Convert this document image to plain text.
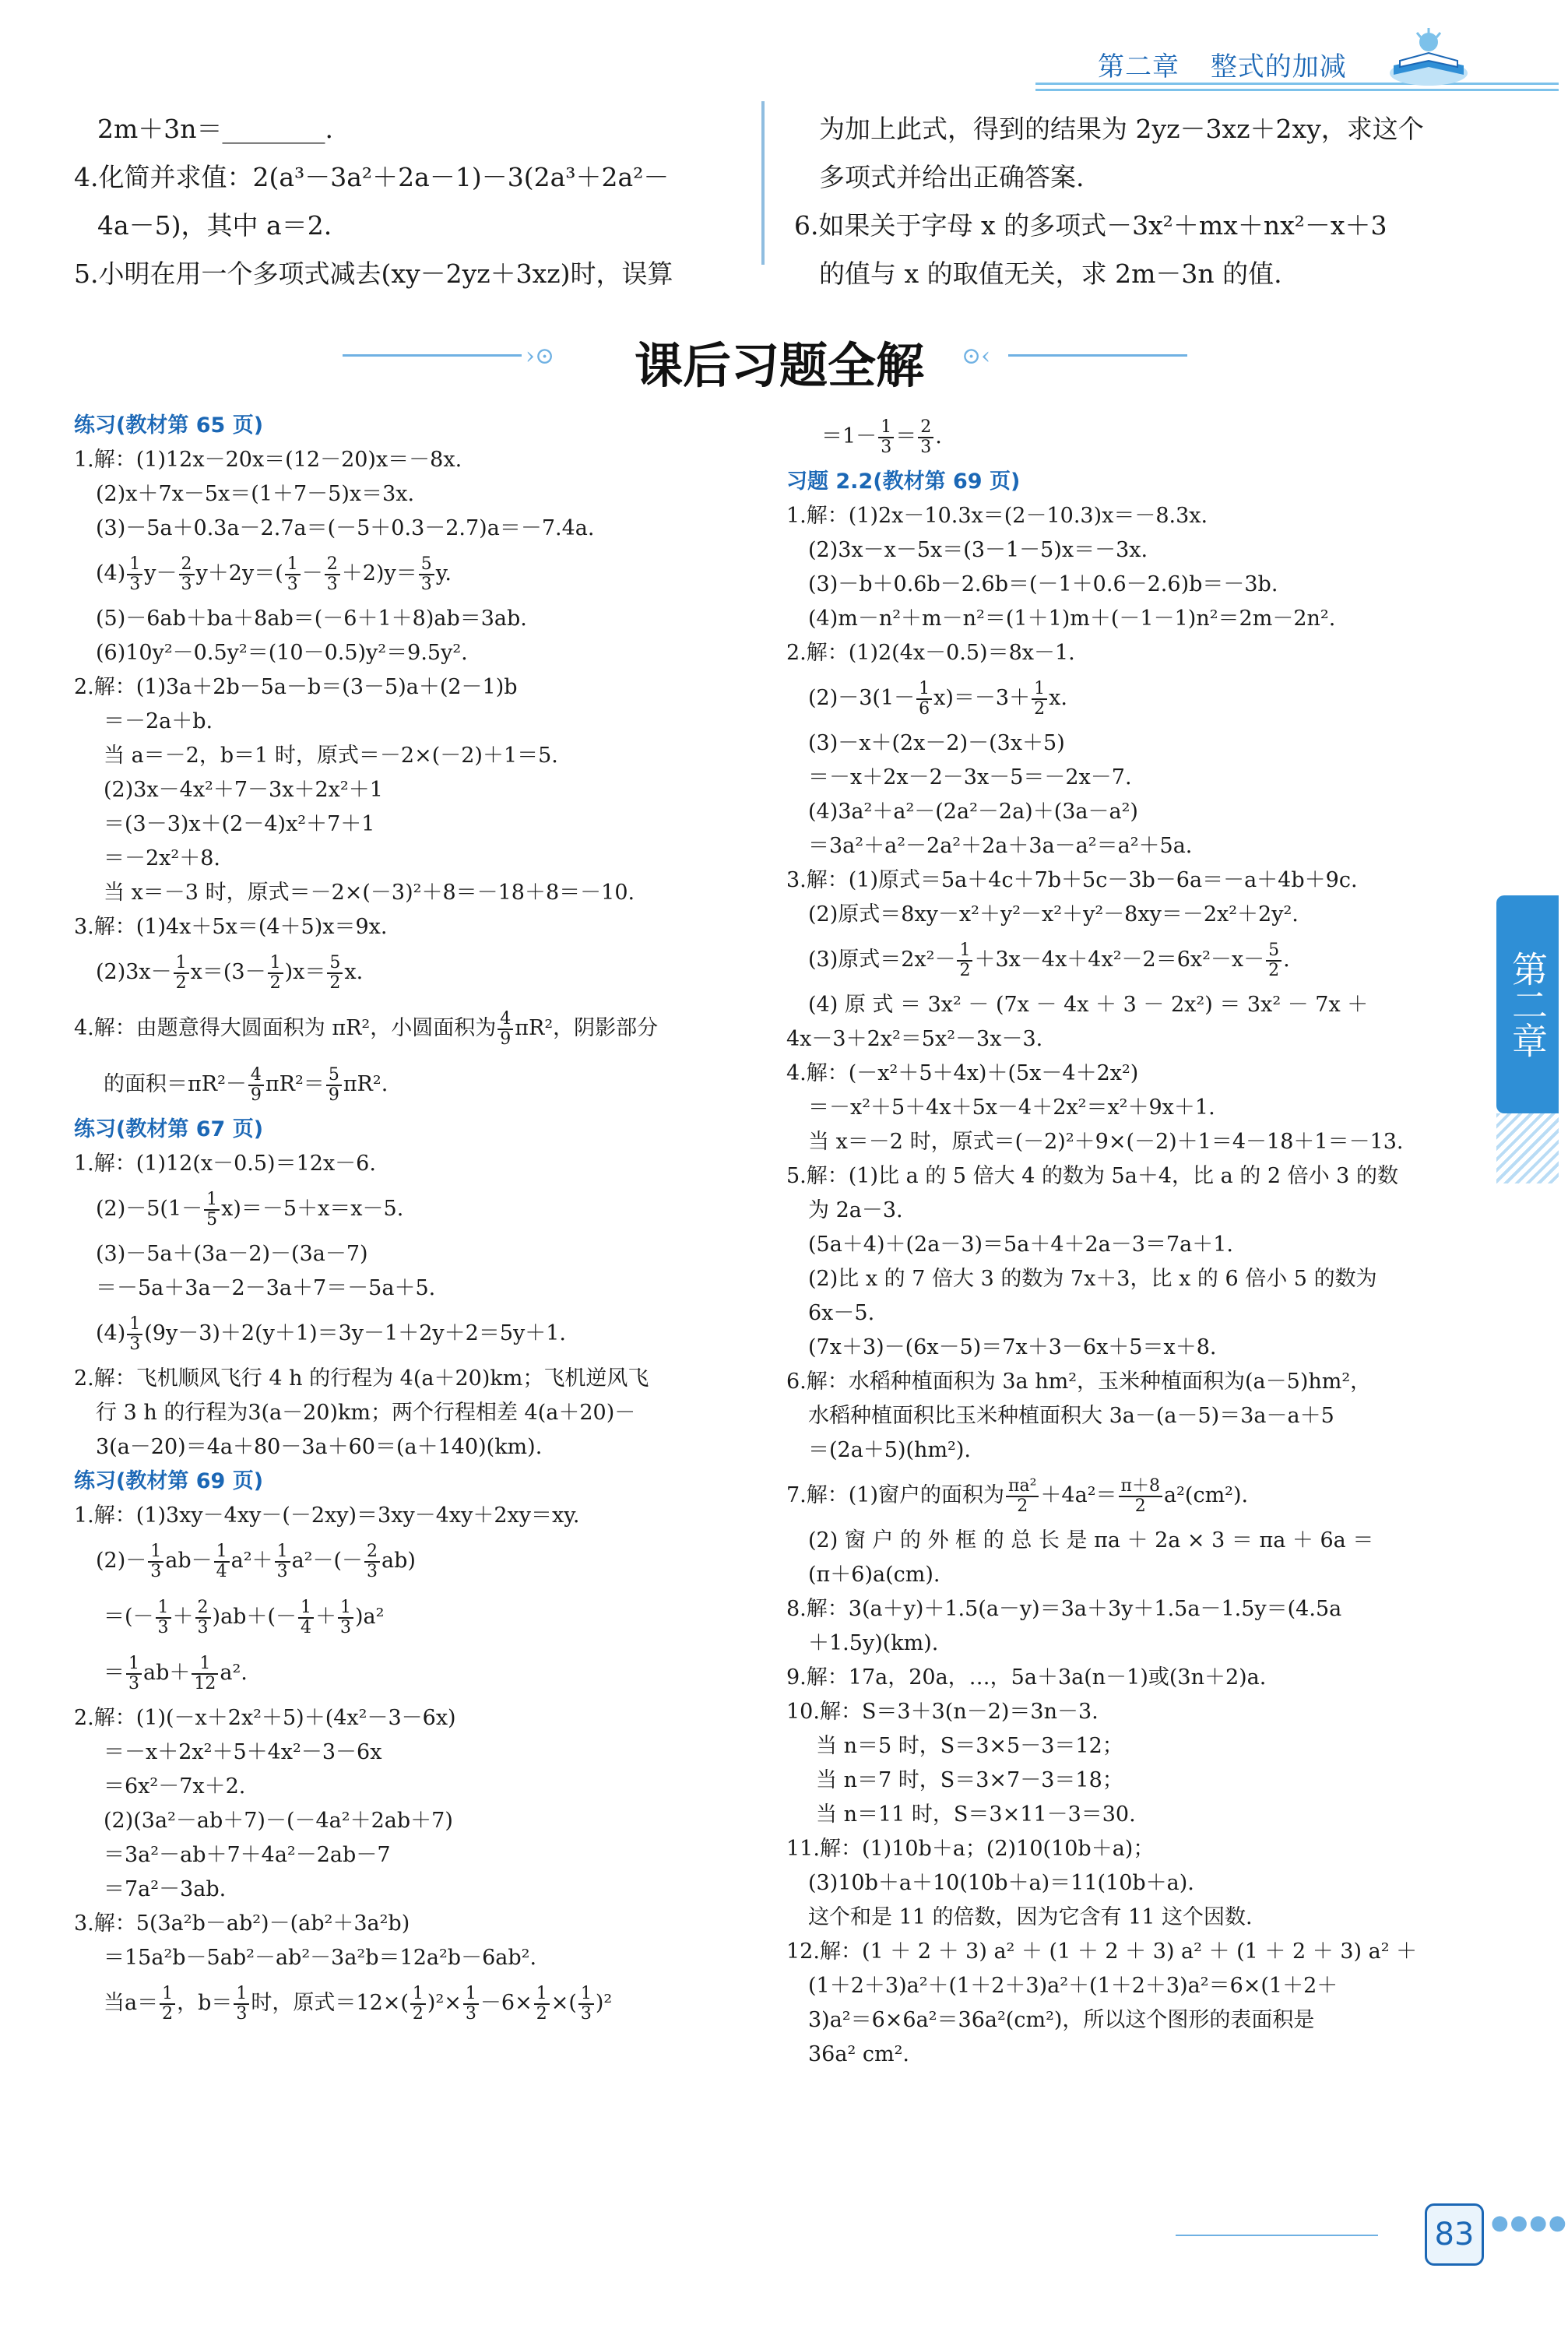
第二章 整式的加减

2m＋3n＝________.

4.化简并求值：2(a³－3a²＋2a－1)－3(2a³＋2a²－

4a－5)，其中 a＝2.

5.小明在用一个多项式减去(xy－2yz＋3xz)时，误算

为加上此式，得到的结果为 2yz－3xz＋2xy，求这个

多项式并给出正确答案.

6.如果关于字母 x 的多项式－3x²＋mx＋nx²－x＋3

的值与 x 的取值无关，求 2m－3n 的值.

›⊙	课后习题全解	⊙‹

练习(教材第 65 页)

1.解：(1)12x－20x＝(12－20)x＝－8x.

(2)x＋7x－5x＝(1＋7－5)x＝3x.

(3)－5a＋0.3a－2.7a＝(－5＋0.3－2.7)a＝－7.4a.

$(4) \frac{1}{3} y- \frac{2}{3} y+2y=( \frac{1}{3} - \frac{2}{3} +2)y= \frac{5}{3} y$.

(5)－6ab＋ba＋8ab＝(－6＋1＋8)ab＝3ab.

(6)10y²－0.5y²＝(10－0.5)y²＝9.5y².

2.解：(1)3a＋2b－5a－b＝(3－5)a＋(2－1)b

＝－2a＋b.

当 a＝－2，b＝1 时，原式＝－2×(－2)＋1＝5.

(2)3x－4x²＋7－3x＋2x²＋1

＝(3－3)x＋(2－4)x²＋7＋1

＝－2x²＋8.

当 x＝－3 时，原式＝－2×(－3)²＋8＝－18＋8＝－10.

3.解：(1)4x＋5x＝(4＋5)x＝9x.

$(2)3x- \frac{1}{2} x=(3- \frac{1}{2} )x= \frac{5}{2} x$.

4.解：由题意得大圆面积为 πR²，小圆面积为 $\frac{4}{9} \pi R^2$，阴影部分

的面积$=\pi R^2- \frac{4}{9} \pi R^2= \frac{5}{9} \pi R^2$.

练习(教材第 67 页)

1.解：(1)12(x－0.5)＝12x－6.

$(2)-5(1- \frac{1}{5} x)=-5+x=x-5$.

(3)－5a＋(3a－2)－(3a－7)

＝－5a＋3a－2－3a＋7＝－5a＋5.

$(4) \frac{1}{3} (9y-3)+2(y+1)=3y-1+2y+2=5y+1$.

2.解：飞机顺风飞行 4 h 的行程为 4(a＋20)km；飞机逆风飞

行 3 h 的行程为3(a－20)km；两个行程相差 4(a＋20)－

3(a－20)＝4a＋80－3a＋60＝(a＋140)(km).

练习(教材第 69 页)

1.解：(1)3xy－4xy－(－2xy)＝3xy－4xy＋2xy＝xy.

$(2)- \frac{1}{3} ab- \frac{1}{4} a^2+ \frac{1}{3} a^2-(- \frac{2}{3} ab)$

＝(－ $\frac{1}{3} + \frac{2}{3} )ab+(- \frac{1}{4} + \frac{1}{3} )a^2$

＝ $\frac{1}{3} ab+ \frac{1}{12} a^2$.

2.解：(1)(－x＋2x²＋5)＋(4x²－3－6x)

＝－x＋2x²＋5＋4x²－3－6x

＝6x²－7x＋2.

(2)(3a²－ab＋7)－(－4a²＋2ab＋7)

＝3a²－ab＋7＋4a²－2ab－7

＝7a²－3ab.

3.解：5(3a²b－ab²)－(ab²＋3a²b)

＝15a²b－5ab²－ab²－3a²b＝12a²b－6ab².

当$a= \frac{1}{2}$ ，$b= \frac{1}{3}$ 时，原式$=12\times( \frac{1}{2} )^2\times \frac{1}{3} -6\times \frac{1}{2}$ ×( $\frac{1}{3} )^2$

$=1- \frac{1}{3} = \frac{2}{3}$ .

习题 2.2(教材第 69 页)

1.解：(1)2x－10.3x＝(2－10.3)x＝－8.3x.

(2)3x－x－5x＝(3－1－5)x＝－3x.

(3)－b＋0.6b－2.6b＝(－1＋0.6－2.6)b＝－3b.

(4)m－n²＋m－n²＝(1＋1)m＋(－1－1)n²＝2m－2n².

2.解：(1)2(4x－0.5)＝8x－1.

$(2)-3(1- \frac{1}{6} x)=-3+ \frac{1}{2} x$.

(3)－x＋(2x－2)－(3x＋5)

＝－x＋2x－2－3x－5＝－2x－7.

(4)3a²＋a²－(2a²－2a)＋(3a－a²)

＝3a²＋a²－2a²＋2a＋3a－a²＝a²＋5a.

3.解：(1)原式＝5a＋4c＋7b＋5c－3b－6a＝－a＋4b＋9c.

(2)原式＝8xy－x²＋y²－x²＋y²－8xy＝－2x²＋2y².

(3)原式$=2x^2- \frac{1}{2} +3x-4x+4x^2-2=6x^2-x- \frac{5}{2}$ .

(4) 原 式 ＝ 3x² － (7x － 4x ＋ 3 － 2x²) ＝ 3x² － 7x ＋

4x－3＋2x²＝5x²－3x－3.

4.解：(－x²＋5＋4x)＋(5x－4＋2x²)

＝－x²＋5＋4x＋5x－4＋2x²＝x²＋9x＋1.

当 x＝－2 时，原式＝(－2)²＋9×(－2)＋1＝4－18＋1＝－13.

5.解：(1)比 a 的 5 倍大 4 的数为 5a＋4，比 a 的 2 倍小 3 的数

为 2a－3.

(5a＋4)＋(2a－3)＝5a＋4＋2a－3＝7a＋1.

(2)比 x 的 7 倍大 3 的数为 7x＋3，比 x 的 6 倍小 5 的数为

6x－5.

(7x＋3)－(6x－5)＝7x＋3－6x＋5＝x＋8.

6.解：水稻种植面积为 3a hm²，玉米种植面积为(a－5)hm²，

水稻种植面积比玉米种植面积大 3a－(a－5)＝3a－a＋5

＝(2a＋5)(hm²).

7.解：(1)窗户的面积为 $\frac{\text{πa²}}{2} +4a^2= \frac{\pi+8}{2} a^2(cm^2)$.

(2) 窗 户 的 外 框 的 总 长 是 πa ＋ 2a × 3 ＝ πa ＋ 6a ＝

(π＋6)a(cm).

8.解：3(a＋y)＋1.5(a－y)＝3a＋3y＋1.5a－1.5y＝(4.5a

＋1.5y)(km).

9.解：17a，20a，…，5a＋3a(n－1)或(3n＋2)a.

10.解：S＝3＋3(n－2)＝3n－3.

当 n＝5 时，S＝3×5－3＝12；

当 n＝7 时，S＝3×7－3＝18；

当 n＝11 时，S＝3×11－3＝30.

11.解：(1)10b＋a；(2)10(10b＋a)；

(3)10b＋a＋10(10b＋a)＝11(10b＋a).

这个和是 11 的倍数，因为它含有 11 这个因数.

12.解：(1 ＋ 2 ＋ 3) a² ＋ (1 ＋ 2 ＋ 3) a² ＋ (1 ＋ 2 ＋ 3) a² ＋

(1＋2＋3)a²＋(1＋2＋3)a²＋(1＋2＋3)a²＝6×(1＋2＋

3)a²＝6×6a²＝36a²(cm²)，所以这个图形的表面积是

36a² cm².

第二章
83 ●●●●
